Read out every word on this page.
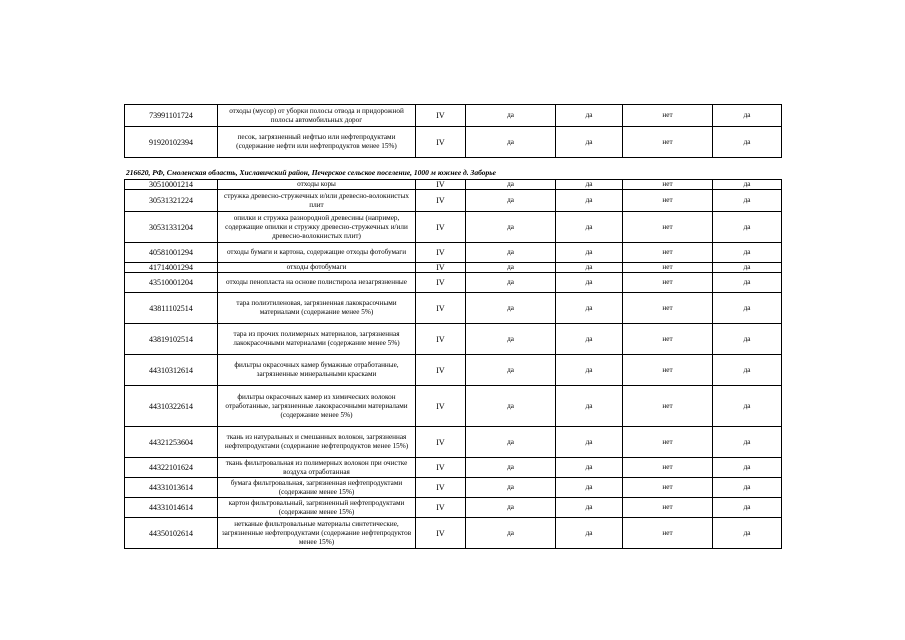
73991101724	отходы (мусор) от уборки полосы отвода и придорожной полосы автомобильных дорог	IV	да	да	нет	да
91920102394	песок, загрязненный нефтью или нефтепродуктами (содержание нефти или нефтепродуктов менее 15%)	IV	да	да	нет	да
216620, РФ, Смоленская область, Хиславичский район, Печерское сельское поселение, 1000 м южнее д. Заборье
30510001214	отходы коры	IV	да	да	нет	да
30531321224	стружка древесно-стружечных и/или древесно-волокнистых плит	IV	да	да	нет	да
30531331204	опилки и стружка разнородной древесины (например, содержащие опилки и стружку древесно-стружечных и/или древесно-волокнистых плит)	IV	да	да	нет	да
40581001294	отходы бумаги и картона, содержащие отходы фотобумаги	IV	да	да	нет	да
41714001294	отходы фотобумаги	IV	да	да	нет	да
43510001204	отходы пенопласта на основе полистирола незагрязненные	IV	да	да	нет	да
43811102514	тара полиэтиленовая, загрязненная лакокрасочными материалами (содержание менее 5%)	IV	да	да	нет	да
43819102514	тара из прочих полимерных материалов, загрязненная лакокрасочными материалами (содержание менее 5%)	IV	да	да	нет	да
44310312614	фильтры окрасочных камер бумажные отработанные, загрязненные минеральными красками	IV	да	да	нет	да
44310322614	фильтры окрасочных камер из химических волокон отработанные, загрязненные лакокрасочными материалами (содержание менее 5%)	IV	да	да	нет	да
44321253604	ткань из натуральных и смешанных волокон, загрязненная нефтепродуктами (содержание нефтепродуктов менее 15%)	IV	да	да	нет	да
44322101624	ткань фильтровальная из полимерных волокон при очистке воздуха отработанная	IV	да	да	нет	да
44331013614	бумага фильтровальная, загрязненная нефтепродуктами (содержание менее 15%)	IV	да	да	нет	да
44331014614	картон фильтровальный, загрязненный нефтепродуктами (содержание менее 15%)	IV	да	да	нет	да
44350102614	нетканые фильтровальные материалы синтетические, загрязненные нефтепродуктами (содержание нефтепродуктов менее 15%)	IV	да	да	нет	да
